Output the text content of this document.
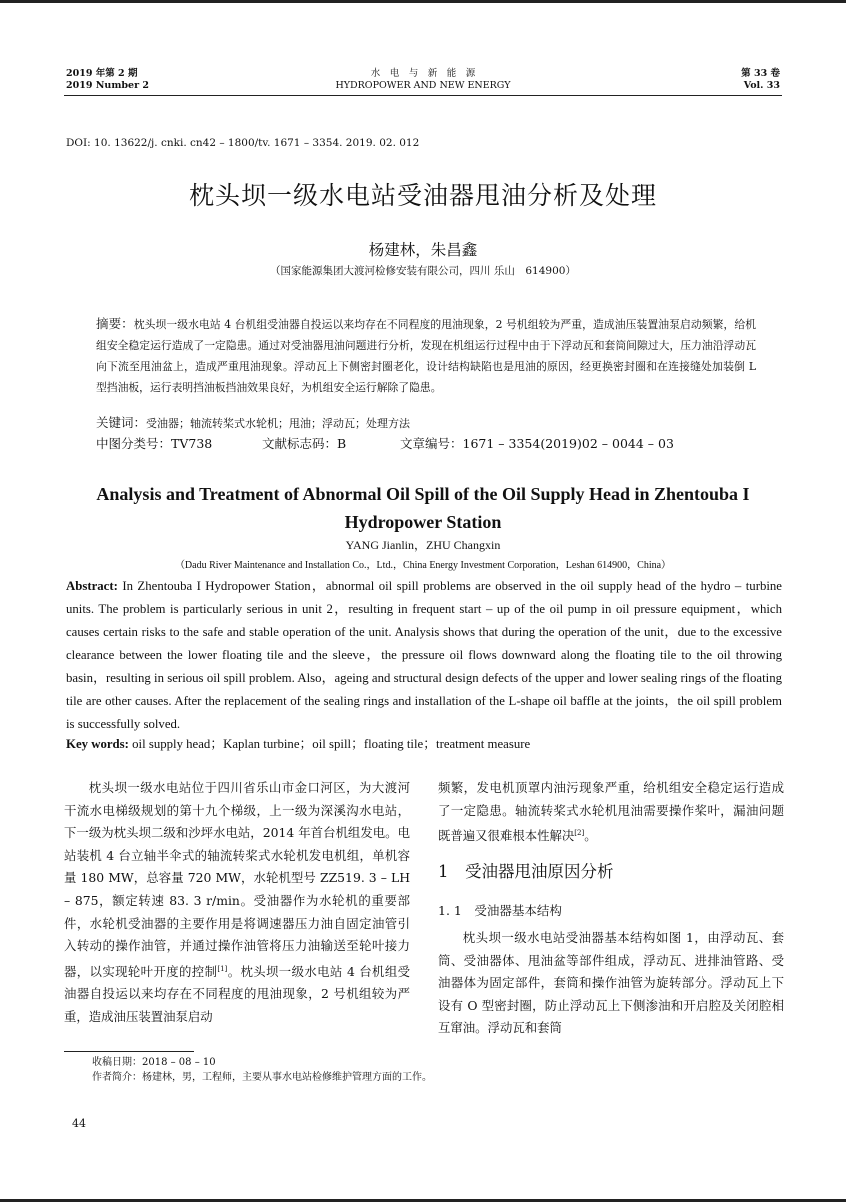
2019 年第 2 期
2019 Number 2
水　电　与　新　能　源
HYDROPOWER AND NEW ENERGY
第 33 卷
Vol. 33
DOI: 10. 13622/j. cnki. cn42 – 1800/tv. 1671 – 3354. 2019. 02. 012
枕头坝一级水电站受油器甩油分析及处理
杨建林，朱昌鑫
（国家能源集团大渡河检修安装有限公司，四川 乐山　614900）
摘要：枕头坝一级水电站 4 台机组受油器自投运以来均存在不同程度的甩油现象，2 号机组较为严重，造成油压装置油泵启动频繁，给机组安全稳定运行造成了一定隐患。通过对受油器甩油问题进行分析，发现在机组运行过程中由于下浮动瓦和套筒间隙过大，压力油沿浮动瓦向下流至甩油盆上，造成严重甩油现象。浮动瓦上下侧密封圈老化，设计结构缺陷也是甩油的原因，经更换密封圈和在连接缝处加装倒 L 型挡油板，运行表明挡油板挡油效果良好，为机组安全运行解除了隐患。
关键词：受油器；轴流转桨式水轮机；甩油；浮动瓦；处理方法
中图分类号：TV738	文献标志码：B	文章编号：1671 – 3354(2019)02 – 0044 – 03
Analysis and Treatment of Abnormal Oil Spill of the Oil Supply Head in Zhentouba I Hydropower Station
YANG Jianlin，ZHU Changxin
（Dadu River Maintenance and Installation Co.，Ltd.，China Energy Investment Corporation，Leshan 614900，China）
Abstract: In Zhentouba I Hydropower Station，abnormal oil spill problems are observed in the oil supply head of the hydro – turbine units. The problem is particularly serious in unit 2，resulting in frequent start – up of the oil pump in oil pressure equipment，which causes certain risks to the safe and stable operation of the unit. Analysis shows that during the operation of the unit，due to the excessive clearance between the lower floating tile and the sleeve，the pressure oil flows downward along the floating tile to the oil throwing basin，resulting in serious oil spill problem. Also，ageing and structural design defects of the upper and lower sealing rings of the floating tile are other causes. After the replacement of the sealing rings and installation of the L-shape oil baffle at the joints，the oil spill problem is successfully solved.
Key words: oil supply head；Kaplan turbine；oil spill；floating tile；treatment measure

枕头坝一级水电站位于四川省乐山市金口河区，为大渡河干流水电梯级规划的第十九个梯级，上一级为深溪沟水电站，下一级为枕头坝二级和沙坪水电站，2014 年首台机组发电。电站装机 4 台立轴半伞式的轴流转桨式水轮机发电机组，单机容量 180 MW，总容量 720 MW，水轮机型号 ZZ519. 3 – LH – 875，额定转速 83. 3 r/min。受油器作为水轮机的重要部件，水轮机受油器的主要作用是将调速器压力油自固定油管引入转动的操作油管，并通过操作油管将压力油输送至轮叶接力器，以实现轮叶开度的控制[1]。枕头坝一级水电站 4 台机组受油器自投运以来均存在不同程度的甩油现象，2 号机组较为严重，造成油压装置油泵启动

频繁，发电机顶罩内油污现象严重，给机组安全稳定运行造成了一定隐患。轴流转桨式水轮机甩油需要操作桨叶，漏油问题既普遍又很难根本性解决[2]。

1　受油器甩油原因分析
1. 1　受油器基本结构

枕头坝一级水电站受油器基本结构如图 1，由浮动瓦、套筒、受油器体、甩油盆等部件组成，浮动瓦、进排油管路、受油器体为固定部件，套筒和操作油管为旋转部分。浮动瓦上下设有 O 型密封圈，防止浮动瓦上下侧渗油和开启腔及关闭腔相互窜油。浮动瓦和套筒

收稿日期：2018 – 08 – 10
作者简介：杨建林，男，工程师，主要从事水电站检修维护管理方面的工作。
44
